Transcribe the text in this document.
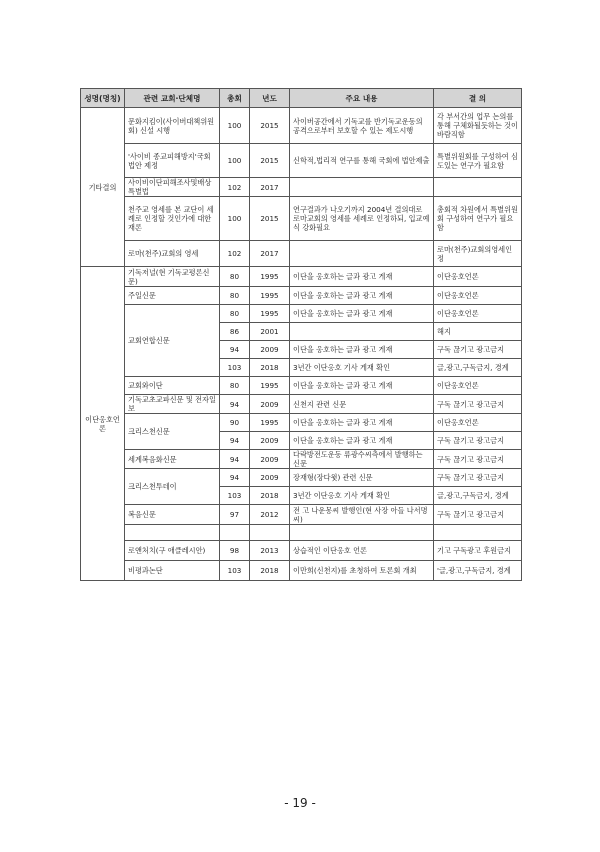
성명(명칭)	관련 교회·단체명	총회	년도	주요 내용	결 의
기타결의	문화지킴이(사이버대책위원회) 신설 시행	100	2015	사이버공간에서 기독교를 반기독교운동의 공격으로부터 보호할 수 있는 제도시행	각 부서간의 업무 논의를 통해 구체화될듯하는 것이 바람직함
	'사이비 종교피해방지'국회법안 제정	100	2015	신학적,법리적 연구를 통해 국회에 법안제출	특별위원회를 구성하여 심도있는 연구가 필요함
	사이비이단피해조사및배상특별법	102	2017		
	천주교 영세를 본 교단이 세례로 인정할 것인가에 대한 재론	100	2015	연구결과가 나오기까지 2004년 결의대로 로마교회의 영세를 세례로 인정하되, 입교예식 강화필요	총회적 차원에서 특별위원회 구성하여 연구가 필요함
	로마(천주)교회의 영세	102	2017		로마(천주)교회의영세인정
이단옹호언론	기독저널(현 기독교평론신문)	80	1995	이단을 옹호하는 글과 광고 게재	이단옹호언론
	주일신문	80	1995	이단을 옹호하는 글과 광고 게재	이단옹호언론
	교회연합신문	80	1995	이단을 옹호하는 글과 광고 게재	이단옹호언론
		86	2001		해지
		94	2009	이단을 옹호하는 글과 광고 게재	구독 끊기고 광고금지
		103	2018	3년간 이단옹호 기사 게재 확인	글,광고,구독금지, 경계
	교회와이단	80	1995	이단을 옹호하는 글과 광고 게재	이단옹호언론
	기독교초교파신문 및 전자일보	94	2009	신천지 관련 신문	구독 끊기고 광고금지
	크리스천신문	90	1995	이단을 옹호하는 글과 광고 게재	이단옹호언론
		94	2009	이단을 옹호하는 글과 광고 게재	구독 끊기고 광고금지
	세계복음화신문	94	2009	다락방전도운동 류광수씨측에서 발행하는 신문	구독 끊기고 광고금지
	크리스천투데이	94	2009	장재형(장다윗) 관련 신문	구독 끊기고 광고금지
		103	2018	3년간 이단옹호 기사 게재 확인	글,광고,구독금지, 경계
	복음신문	97	2012	전 고 나운몽씨 발행인(현 사장 아들 나서명씨)	구독 끊기고 광고금지

	로앤처치(구 애클레시안)	98	2013	상습적인 이단옹호 언론	기고 구독광고 후원금지
	비평과논단	103	2018	이만희(신천지)를 초청하여 토론회 개최	'글,광고,구독금지, 경계
- 19 -
